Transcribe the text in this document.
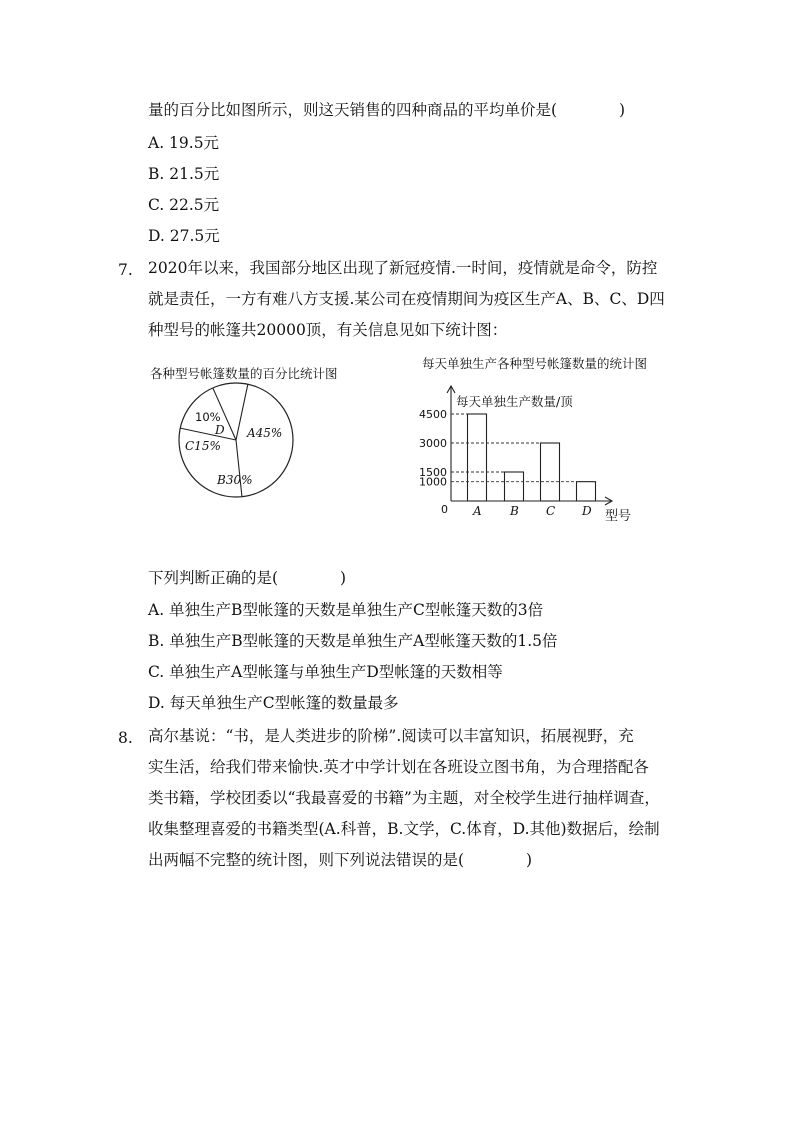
量的百分比如图所示，则这天销售的四种商品的平均单价是(　　　　)
A. 19.5元
B. 21.5元
C. 22.5元
D. 27.5元
7. 2020年以来，我国部分地区出现了新冠疫情.一时间，疫情就是命令，防控
就是责任，一方有难八方支援.某公司在疫情期间为疫区生产A、B、C、D四
种型号的帐篷共20000顶，有关信息见如下统计图：
各种型号帐篷数量的百分比统计图
A45%
B30%
C15%
10%
D
每天单独生产各种型号帐篷数量的统计图
每天单独生产数量/顶
型号
0 A B C D
4500
3000
1500
1000
下列判断正确的是(　　　　)
A. 单独生产B型帐篷的天数是单独生产C型帐篷天数的3倍
B. 单独生产B型帐篷的天数是单独生产A型帐篷天数的1.5倍
C. 单独生产A型帐篷与单独生产D型帐篷的天数相等
D. 每天单独生产C型帐篷的数量最多
8. 高尔基说：“书，是人类进步的阶梯”.阅读可以丰富知识，拓展视野，充
实生活，给我们带来愉快.英才中学计划在各班设立图书角，为合理搭配各
类书籍，学校团委以“我最喜爱的书籍”为主题，对全校学生进行抽样调查，
收集整理喜爱的书籍类型(A.科普，B.文学，C.体育，D.其他)数据后，绘制
出两幅不完整的统计图，则下列说法错误的是(　　　　)
